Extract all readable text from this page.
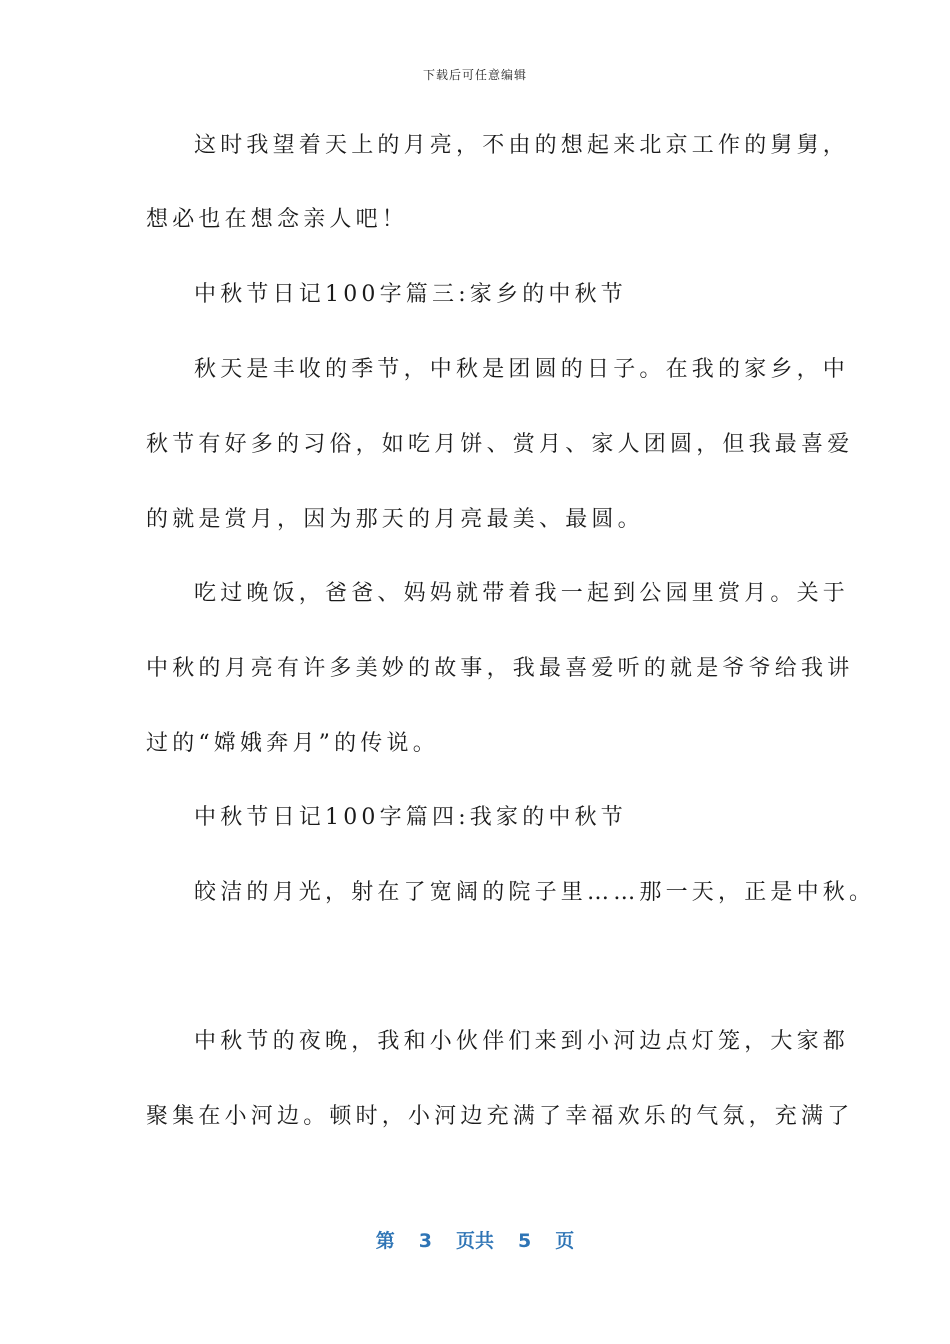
下载后可任意编辑
这时我望着天上的月亮，不由的想起来北京工作的舅舅，
想必也在想念亲人吧！
中秋节日记100字篇三:家乡的中秋节
秋天是丰收的季节，中秋是团圆的日子。在我的家乡，中
秋节有好多的习俗，如吃月饼、赏月、家人团圆，但我最喜爱
的就是赏月，因为那天的月亮最美、最圆。
吃过晚饭，爸爸、妈妈就带着我一起到公园里赏月。关于
中秋的月亮有许多美妙的故事，我最喜爱听的就是爷爷给我讲
过的“嫦娥奔月”的传说。
中秋节日记100字篇四:我家的中秋节
皎洁的月光，射在了宽阔的院子里……那一天，正是中秋。
中秋节的夜晚，我和小伙伴们来到小河边点灯笼，大家都
聚集在小河边。顿时，小河边充满了幸福欢乐的气氛，充满了
第 3 页共 5 页
